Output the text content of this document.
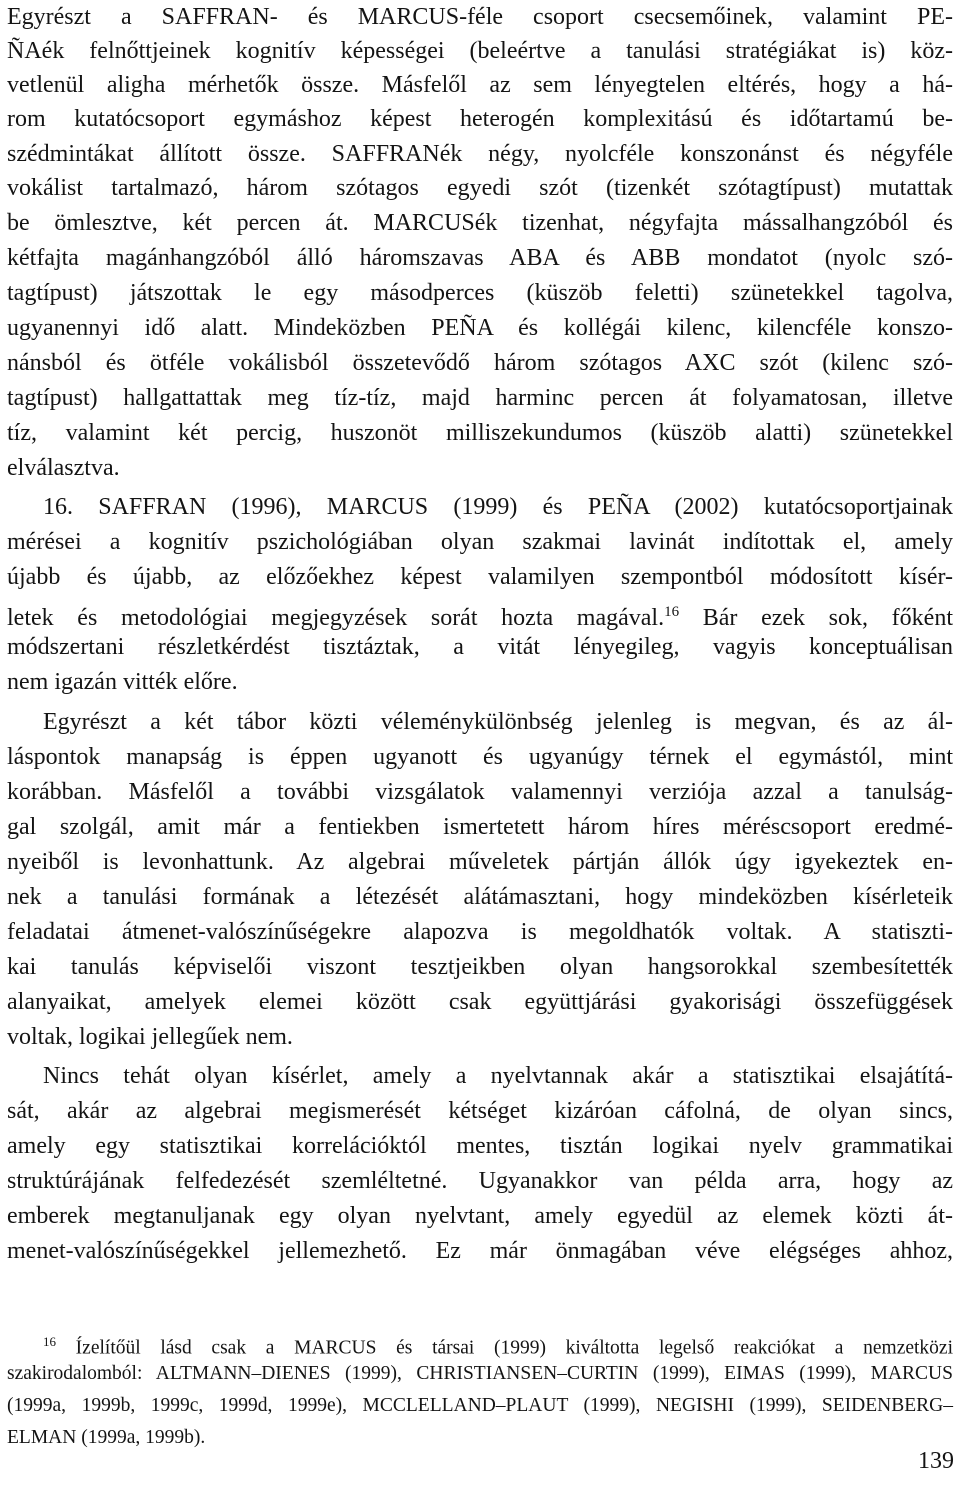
Egyrészt a SAFFRAN- és MARCUS-féle csoport csecsemőinek, valamint PE-
ÑAék felnőttjeinek kognitív képességei (beleértve a tanulási stratégiákat is) köz-
vetlenül aligha mérhetők össze. Másfelől az sem lényegtelen eltérés, hogy a há-
rom kutatócsoport egymáshoz képest heterogén komplexitású és időtartamú be-
szédmintákat állított össze. SAFFRANék négy, nyolcféle konszonánst és négyféle
vokálist tartalmazó, három szótagos egyedi szót (tizenkét szótagtípust) mutattak
be ömlesztve, két percen át. MARCUSék tizenhat, négyfajta mássalhangzóból és
kétfajta magánhangzóból álló háromszavas ABA és ABB mondatot (nyolc szó-
tagtípust) játszottak le egy másodperces (küszöb feletti) szünetekkel tagolva,
ugyanennyi idő alatt. Mindeközben PEÑA és kollégái kilenc, kilencféle konszo-
nánsból és ötféle vokálisból összetevődő három szótagos AXC szót (kilenc szó-
tagtípust) hallgattattak meg tíz-tíz, majd harminc percen át folyamatosan, illetve
tíz, valamint két percig, huszonöt milliszekundumos (küszöb alatti) szünetekkel
elválasztva.
16. SAFFRAN (1996), MARCUS (1999) és PEÑA (2002) kutatócsoportjainak
mérései a kognitív pszichológiában olyan szakmai lavinát indítottak el, amely
újabb és újabb, az előzőekhez képest valamilyen szempontból módosított kísér-
letek és metodológiai megjegyzések sorát hozta magával.$^{16}$ Bár ezek sok, főként
módszertani részletkérdést tisztáztak, a vitát lényegileg, vagyis konceptuálisan
nem igazán vitték előre.
Egyrészt a két tábor közti véleménykülönbség jelenleg is megvan, és az ál-
láspontok manapság is éppen ugyanott és ugyanúgy térnek el egymástól, mint
korábban. Másfelől a további vizsgálatok valamennyi verziója azzal a tanulság-
gal szolgál, amit már a fentiekben ismertetett három híres méréscsoport eredmé-
nyeiből is levonhattunk. Az algebrai műveletek pártján állók úgy igyekeztek en-
nek a tanulási formának a létezését alátámasztani, hogy mindeközben kísérleteik
feladatai átmenet-valószínűségekre alapozva is megoldhatók voltak. A statiszti-
kai tanulás képviselői viszont tesztjeikben olyan hangsorokkal szembesítették
alanyaikat, amelyek elemei között csak együttjárási gyakorisági összefüggések
voltak, logikai jellegűek nem.
Nincs tehát olyan kísérlet, amely a nyelvtannak akár a statisztikai elsajátítá-
sát, akár az algebrai megismerését kétséget kizáróan cáfolná, de olyan sincs,
amely egy statisztikai korrelációktól mentes, tisztán logikai nyelv grammatikai
struktúrájának felfedezését szemléltetné. Ugyanakkor van példa arra, hogy az
emberek megtanuljanak egy olyan nyelvtant, amely egyedül az elemek közti át-
menet-valószínűségekkel jellemezhető. Ez már önmagában véve elégséges ahhoz,
$^{16}$ Ízelítőül lásd csak a MARCUS és társai (1999) kiváltotta legelső reakciókat a nemzetközi
szakirodalomból: ALTMANN–DIENES (1999), CHRISTIANSEN–CURTIN (1999), EIMAS (1999), MARCUS
(1999a, 1999b, 1999c, 1999d, 1999e), MCCLELLAND–PLAUT (1999), NEGISHI (1999), SEIDENBERG–
ELMAN (1999a, 1999b).
139
